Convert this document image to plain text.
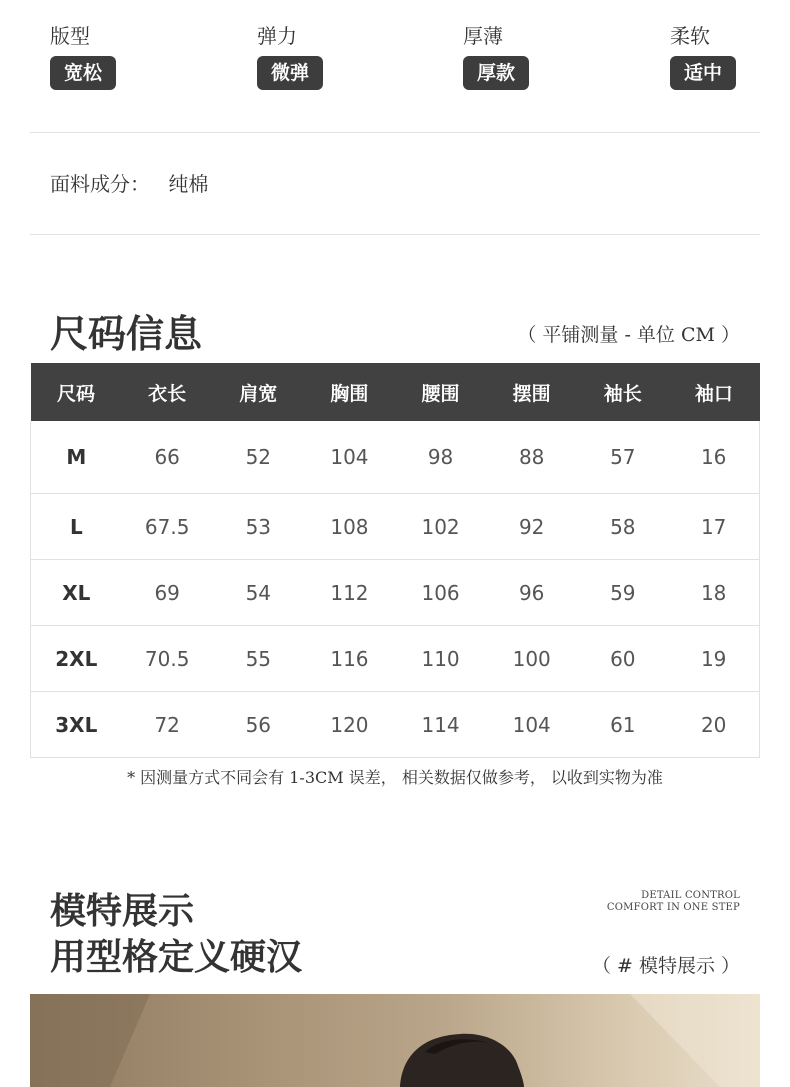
版型
宽松
弹力
微弹
厚薄
厚款
柔软
适中
面料成分： 纯棉
尺码信息	（ 平铺测量 - 单位 CM ）
尺码	衣长	肩宽	胸围	腰围	摆围	袖长	袖口
M	66	52	104	98	88	57	16
L	67.5	53	108	102	92	58	17
XL	69	54	112	106	96	59	18
2XL	70.5	55	116	110	100	60	19
3XL	72	56	120	114	104	61	20
* 因测量方式不同会有 1-3CM 误差， 相关数据仅做参考， 以收到实物为准
模特展示
用型格定义硬汉
DETAIL CONTROL
COMFORT IN ONE STEP
（ # 模特展示 ）
